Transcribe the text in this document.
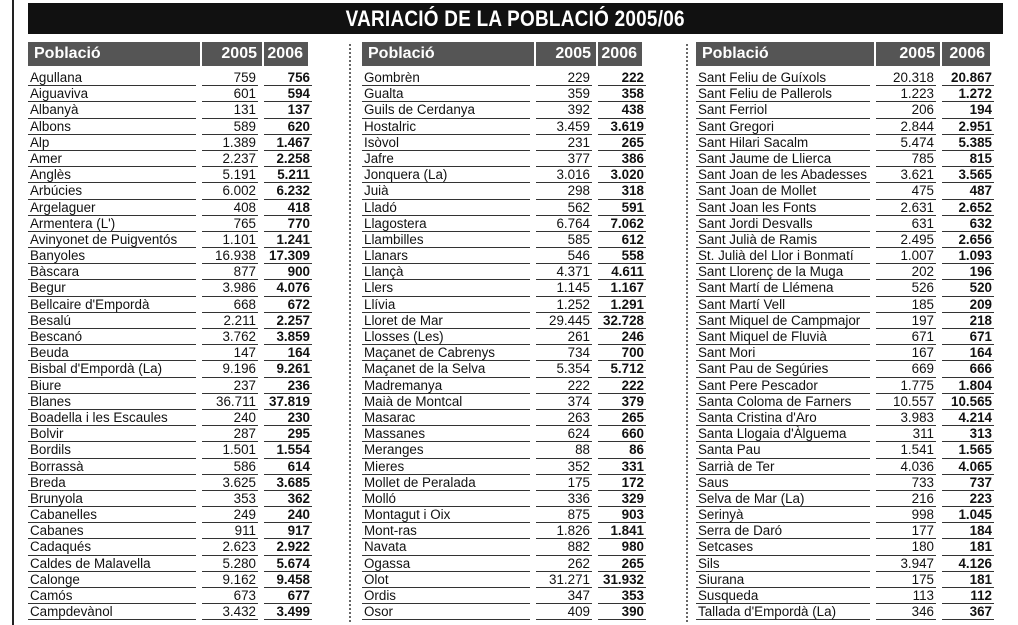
VARIACIÓ DE LA POBLACIÓ 2005/06
Població	2005 2006
Agullana	759	756
Aiguaviva	601	594
Albanyà	131	137
Albons	589	620
Alp	1.389	1.467
Amer	2.237	2.258
Anglès	5.191	5.211
Arbúcies	6.002	6.232
Argelaguer	408	418
Armentera (L')	765	770
Avinyonet de Puigventós	1.101	1.241
Banyoles	16.938 17.309
Bàscara	877	900
Begur	3.986	4.076
Bellcaire d'Empordà	668	672
Besalú	2.211	2.257
Bescanó	3.762	3.859
Beuda	147	164
Bisbal d'Empordà (La)	9.196	9.261
Biure	237	236
Blanes	36.711 37.819
Boadella i les Escaules	240	230
Bolvir	287	295
Bordils	1.501	1.554
Borrassà	586	614
Breda	3.625	3.685
Brunyola	353	362
Cabanelles	249	240
Cabanes	911	917
Cadaqués	2.623	2.922
Caldes de Malavella	5.280	5.674
Calonge	9.162	9.458
Camós	673	677
Campdevànol	3.432	3.499
Població	2005 2006
Gombrèn	229	222
Gualta	359	358
Guils de Cerdanya	392	438
Hostalric	3.459	3.619
Isòvol	231	265
Jafre	377	386
Jonquera (La)	3.016	3.020
Juià	298	318
Lladó	562	591
Llagostera	6.764	7.062
Llambilles	585	612
Llanars	546	558
Llançà	4.371	4.611
Llers	1.145	1.167
Llívia	1.252	1.291
Lloret de Mar	29.445 32.728
Llosses (Les)	261	246
Maçanet de Cabrenys	734	700
Maçanet de la Selva	5.354	5.712
Madremanya	222	222
Maià de Montcal	374	379
Masarac	263	265
Massanes	624	660
Meranges	88	86
Mieres	352	331
Mollet de Peralada	175	172
Molló	336	329
Montagut i Oix	875	903
Mont-ras	1.826	1.841
Navata	882	980
Ogassa	262	265
Olot	31.271 31.932
Ordis	347	353
Osor	409	390
Població	2005 2006
Sant Feliu de Guíxols	20.318	20.867
Sant Feliu de Pallerols	1.223	1.272
Sant Ferriol	206	194
Sant Gregori	2.844	2.951
Sant Hilari Sacalm	5.474	5.385
Sant Jaume de Llierca	785	815
Sant Joan de les Abadesses	3.621	3.565
Sant Joan de Mollet	475	487
Sant Joan les Fonts	2.631	2.652
Sant Jordi Desvalls	631	632
Sant Julià de Ramis	2.495	2.656
St. Julià del Llor i Bonmatí	1.007	1.093
Sant Llorenç de la Muga	202	196
Sant Martí de Llémena	526	520
Sant Martí Vell	185	209
Sant Miquel de Campmajor	197	218
Sant Miquel de Fluvià	671	671
Sant Mori	167	164
Sant Pau de Segúries	669	666
Sant Pere Pescador	1.775	1.804
Santa Coloma de Farners	10.557	10.565
Santa Cristina d'Aro	3.983	4.214
Santa Llogaia d'Àlguema	311	313
Santa Pau	1.541	1.565
Sarrià de Ter	4.036	4.065
Saus	733	737
Selva de Mar (La)	216	223
Serinyà	998	1.045
Serra de Daró	177	184
Setcases	180	181
Sils	3.947	4.126
Siurana	175	181
Susqueda	113	112
Tallada d'Empordà (La)	346	367
